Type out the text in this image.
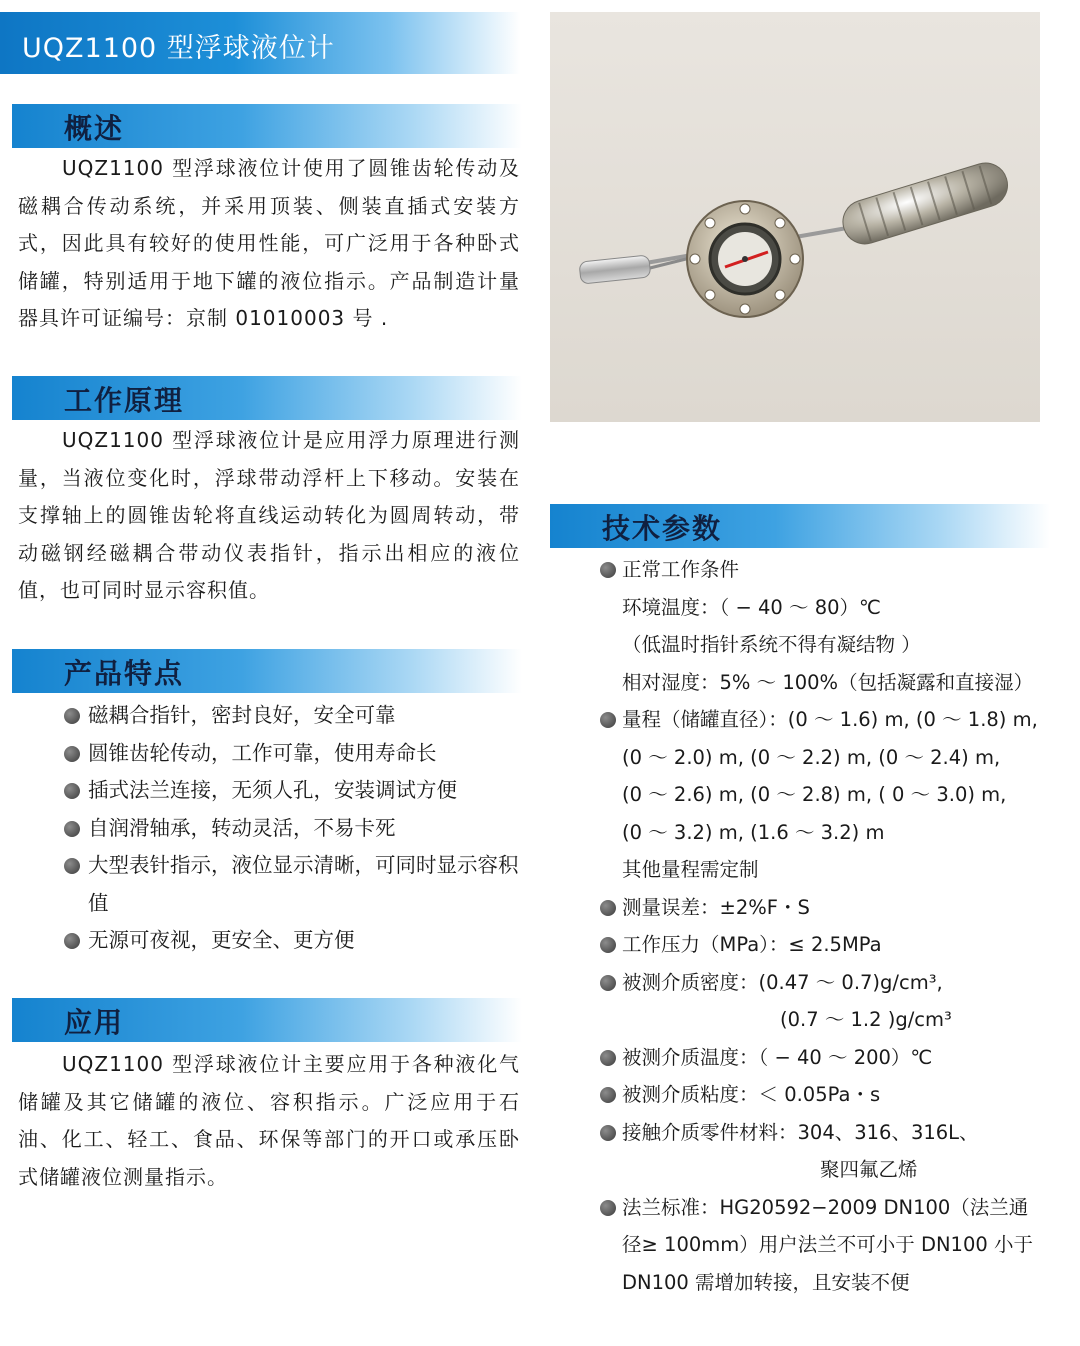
UQZ1100 型浮球液位计
概述

UQZ1100 型浮球液位计使用了圆锥齿轮传动及磁耦合传动系统，并采用顶装、侧装直插式安装方式，因此具有较好的使用性能，可广泛用于各种卧式储罐，特别适用于地下罐的液位指示。产品制造计量器具许可证编号：京制 01010003 号 .

工作原理

UQZ1100 型浮球液位计是应用浮力原理进行测量，当液位变化时，浮球带动浮杆上下移动。安装在支撑轴上的圆锥齿轮将直线运动转化为圆周转动，带动磁钢经磁耦合带动仪表指针，指示出相应的液位值，也可同时显示容积值。

产品特点
磁耦合指针，密封良好，安全可靠
圆锥齿轮传动，工作可靠，使用寿命长
插式法兰连接，无须人孔，安装调试方便
自润滑轴承，转动灵活，不易卡死
大型表针指示，液位显示清晰，可同时显示容积值
无源可夜视，更安全、更方便
应用

UQZ1100 型浮球液位计主要应用于各种液化气储罐及其它储罐的液位、容积指示。广泛应用于石油、化工、轻工、食品、环保等部门的开口或承压卧式储罐液位测量指示。

技术参数
正常工作条件
环境温度：（ − 40 ～ 80）℃
（低温时指针系统不得有凝结物 ）
相对湿度：5% ～ 100%（包括凝露和直接湿）
量程（储罐直径）：(0 ～ 1.6) m, (0 ～ 1.8) m,
(0 ～ 2.0) m, (0 ～ 2.2) m, (0 ～ 2.4) m,
(0 ～ 2.6) m, (0 ～ 2.8) m, ( 0 ～ 3.0) m,
(0 ～ 3.2) m, (1.6 ～ 3.2) m
其他量程需定制
测量误差：±2%F・S
工作压力（MPa）：≤ 2.5MPa
被测介质密度：(0.47 ～ 0.7)g/cm³,
(0.7 ～ 1.2 )g/cm³
被测介质温度：（ − 40 ～ 200）℃
被测介质粘度：＜ 0.05Pa・s
接触介质零件材料：304、316、316L、
聚四氟乙烯
法兰标准：HG20592−2009 DN100（法兰通
径≥ 100mm）用户法兰不可小于 DN100 小于
DN100 需增加转接，且安装不便
